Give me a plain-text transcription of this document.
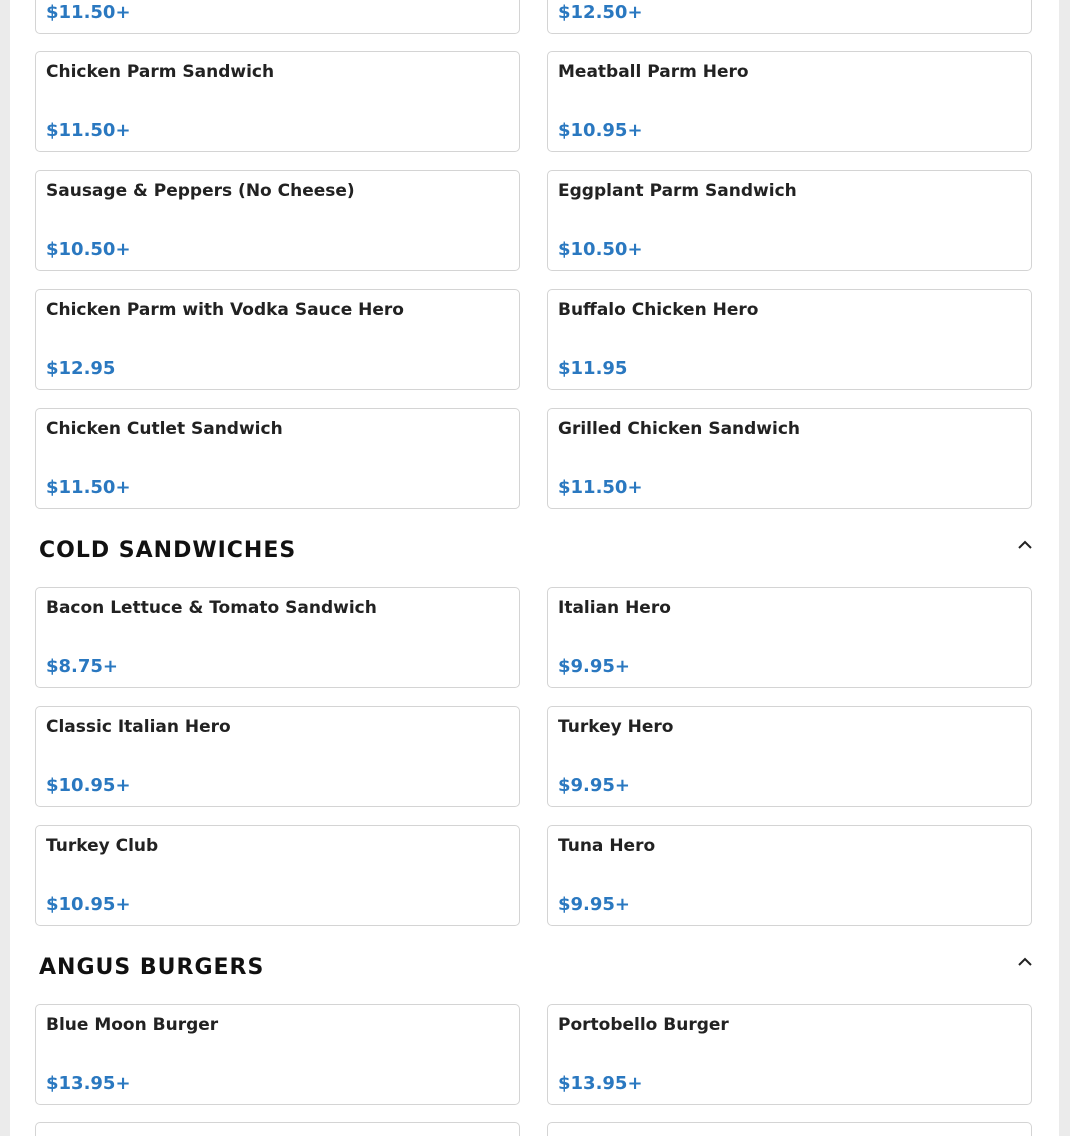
$11.50+	$12.50+
Chicken Parm Sandwich
$11.50+
Meatball Parm Hero
$10.95+
Sausage & Peppers (No Cheese)
$10.50+
Eggplant Parm Sandwich
$10.50+
Chicken Parm with Vodka Sauce Hero
$12.95
Buffalo Chicken Hero
$11.95
Chicken Cutlet Sandwich
$11.50+
Grilled Chicken Sandwich
$11.50+
COLD SANDWICHES
Bacon Lettuce & Tomato Sandwich
$8.75+
Italian Hero
$9.95+
Classic Italian Hero
$10.95+
Turkey Hero
$9.95+
Turkey Club
$10.95+
Tuna Hero
$9.95+
ANGUS BURGERS
Blue Moon Burger
$13.95+
Portobello Burger
$13.95+
